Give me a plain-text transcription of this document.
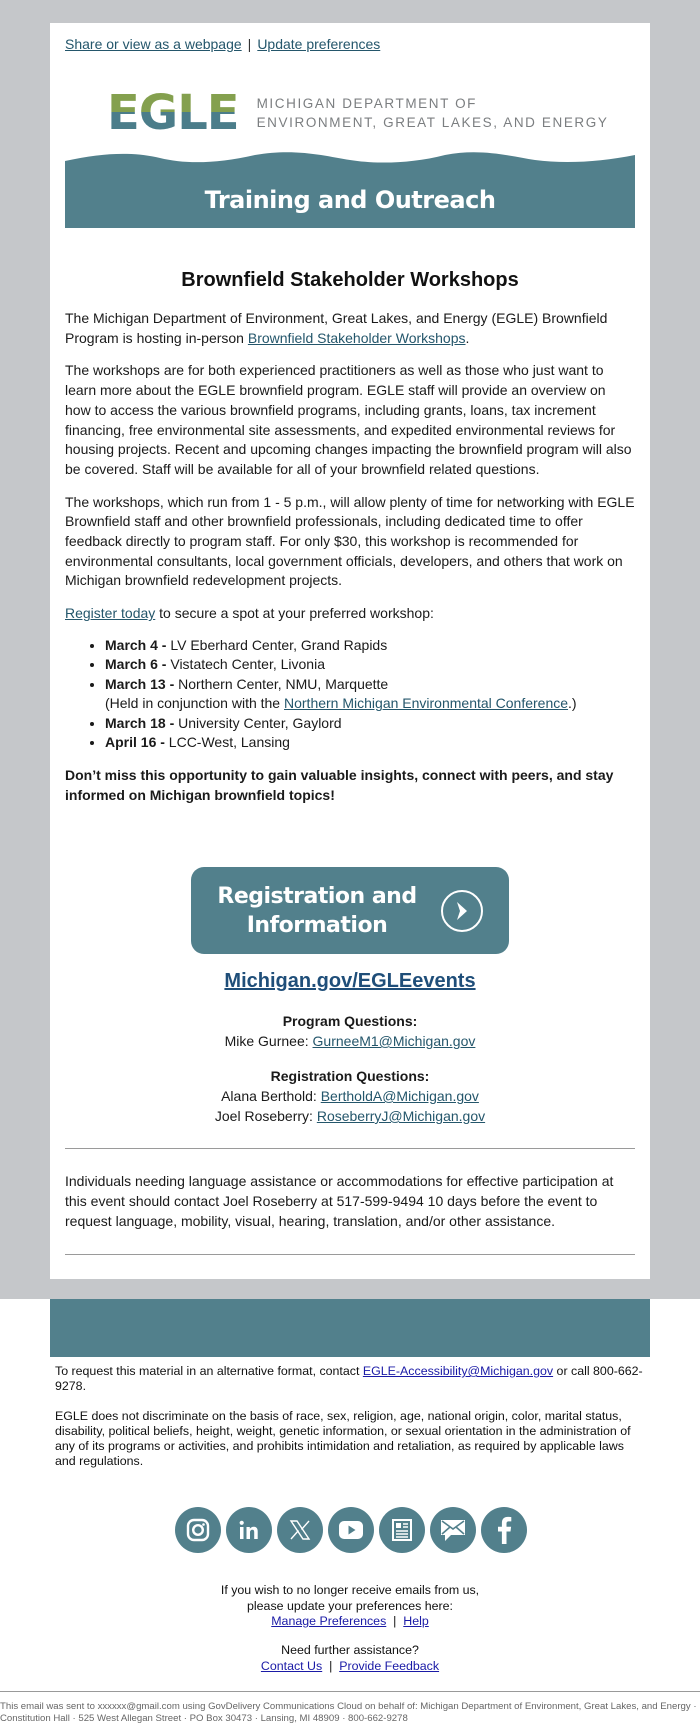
Share or view as a webpage | Update preferences
EGLE MICHIGAN DEPARTMENT OF
ENVIRONMENT, GREAT LAKES, AND ENERGY
Training and Outreach
Brownfield Stakeholder Workshops

The Michigan Department of Environment, Great Lakes, and Energy (EGLE) Brownfield Program is hosting in-person Brownfield Stakeholder Workshops.

The workshops are for both experienced practitioners as well as those who just want to learn more about the EGLE brownfield program. EGLE staff will provide an overview on how to access the various brownfield programs, including grants, loans, tax increment financing, free environmental site assessments, and expedited environmental reviews for housing projects. Recent and upcoming changes impacting the brownfield program will also be covered. Staff will be available for all of your brownfield related questions.

The workshops, which run from 1 - 5 p.m., will allow plenty of time for networking with EGLE Brownfield staff and other brownfield professionals, including dedicated time to offer feedback directly to program staff. For only $30, this workshop is recommended for environmental consultants, local government officials, developers, and others that work on Michigan brownfield redevelopment projects.

Register today to secure a spot at your preferred workshop:

• March 4 - LV Eberhard Center, Grand Rapids
• March 6 - Vistatech Center, Livonia
• March 13 - Northern Center, NMU, Marquette
(Held in conjunction with the Northern Michigan Environmental Conference.)
• March 18 - University Center, Gaylord
• April 16 - LCC-West, Lansing

Don’t miss this opportunity to gain valuable insights, connect with peers, and stay informed on Michigan brownfield topics!

Registration and
Information
Michigan.gov/EGLEevents
Program Questions:
Mike Gurnee: GurneeM1@Michigan.gov
Registration Questions:
Alana Berthold: BertholdA@Michigan.gov
Joel Roseberry: RoseberryJ@Michigan.gov
Individuals needing language assistance or accommodations for effective participation at this event should contact Joel Roseberry at 517-599-9494 10 days before the event to request language, mobility, visual, hearing, translation, and/or other assistance.
To request this material in an alternative format, contact EGLE-Accessibility@Michigan.gov or call 800-662-9278.
EGLE does not discriminate on the basis of race, sex, religion, age, national origin, color, marital status, disability, political beliefs, height, weight, genetic information, or sexual orientation in the administration of any of its programs or activities, and prohibits intimidation and retaliation, as required by applicable laws and regulations.
If you wish to no longer receive emails from us,
please update your preferences here:
Manage Preferences | Help
Need further assistance?
Contact Us | Provide Feedback
This email was sent to xxxxxx@gmail.com using GovDelivery Communications Cloud on behalf of: Michigan Department of Environment, Great Lakes, and Energy · Constitution Hall · 525 West Allegan Street · PO Box 30473 · Lansing, MI 48909 · 800-662-9278
